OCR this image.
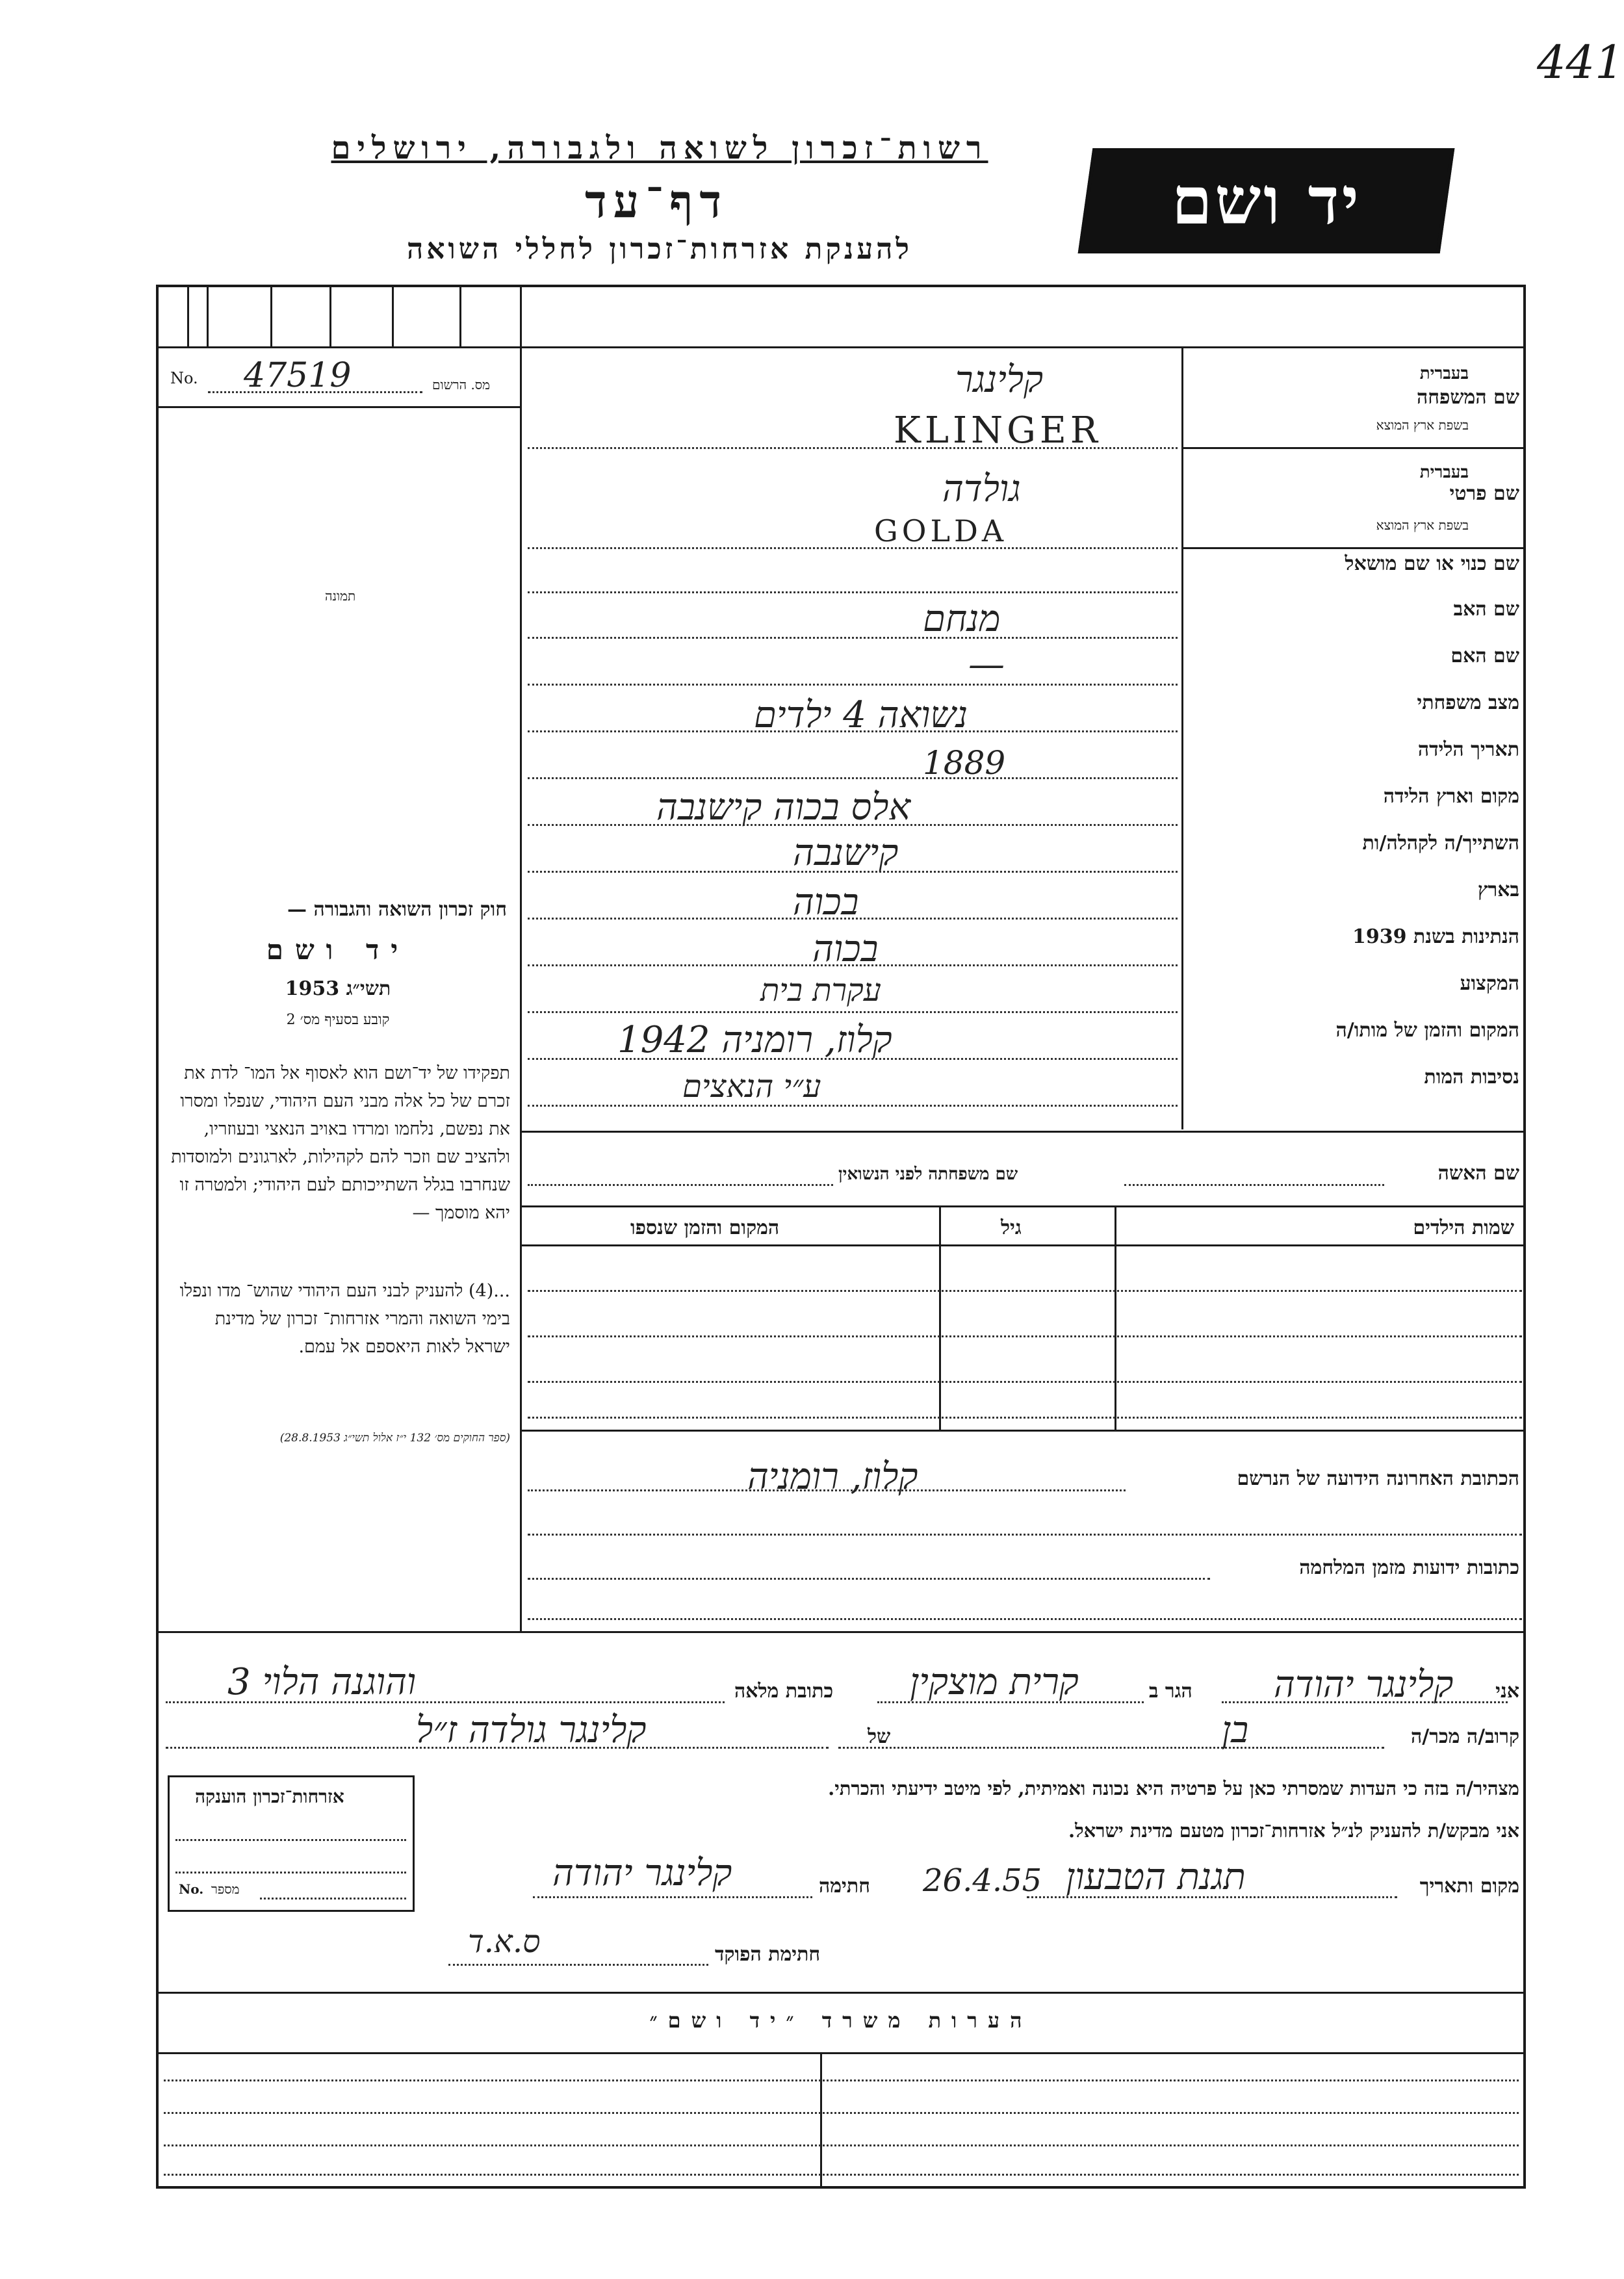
441
רשות־זכרון לשואה ולגבורה, ירושלים
דף־עד
להענקת אזרחות־זכרון לחללי השואה
יד ושם
No. 47519	מס. הרשום
תמונה
חוק זכרון השואה והגבורה —
יד ושם
תשי״ג 1953
קובע בסעיף מס׳ 2
תפקידו של יד־ושם הוא לאסוף אל המו־ לדת את זכרם של כל אלה מבני העם היהודי, שנפלו ומסרו את נפשם, נלחמו ומרדו באויב הנאצי ובעוזריו, ולהציב שם וזכר להם לקהילות, לארגונים ולמוסדות שנחרבו בגלל השתייכותם לעם היהודי; ולמטרה זו יהא מוסמך —
...(4) להעניק לבני העם היהודי שהוש־ מדו ונפלו בימי השואה והמרי אזרחות־ זכרון של מדינת ישראל לאות היאספם אל עמם.
(ספר החוקים מס׳ 132 י״ז אלול תשי״ג 28.8.1953)
בעברית
בשפת ארץ המוצא
שם המשפחה
בעברית
בשפת ארץ המוצא
שם פרטי
שם כנוי או שם מושאל
שם האב
שם האם
מצב משפחתי
תאריך הלידה
מקום וארץ הלידה
השתייך/ה לקהלה/ות
בארץ
הנתינות בשנת 1939
המקצוע
המקום והזמן של מותו/ה
נסיבות המות
קלינגר
KLINGER
גולדה
GOLDA
מנחם
—
נשואה 4 ילדים
1889
אלס בכוה קישנבה
קישנבה
בכוה
בכוה
עקרת בית
קלוז, רומניה 1942
ע״י הנאצים
שם האשה
שם משפחתה לפני הנשואין
שמות הילדים
גיל
המקום והזמן שנספו
הכתובת האחרונה הידועה של הנרשם
קלוז, רומניה
כתובות ידועות מזמן המלחמה
אני
קלינגר יהודה
הגר ב
קרית מוצקין
כתובת מלאה
והוגנה הלוי 3
קרוב/ה מכר/ה
בן
של
קלינגר גולדה ז״ל
מצהיר/ה בזה כי העדות שמסרתי כאן על פרטיה היא נכונה ואמיתית, לפי מיטב ידיעתי והכרתי.
אני מבקש/ת להעניק לנ״ל אזרחות־זכרון מטעם מדינת ישראל.
מקום ותאריך
תגנת הטבעון
26.4.55
חתימה
קלינגר יהודה
חתימת הפוקד
ס.א.ד
אזרחות־זכרון הוענקה
מספר
No.
הערות משרד ״יד ושם״
